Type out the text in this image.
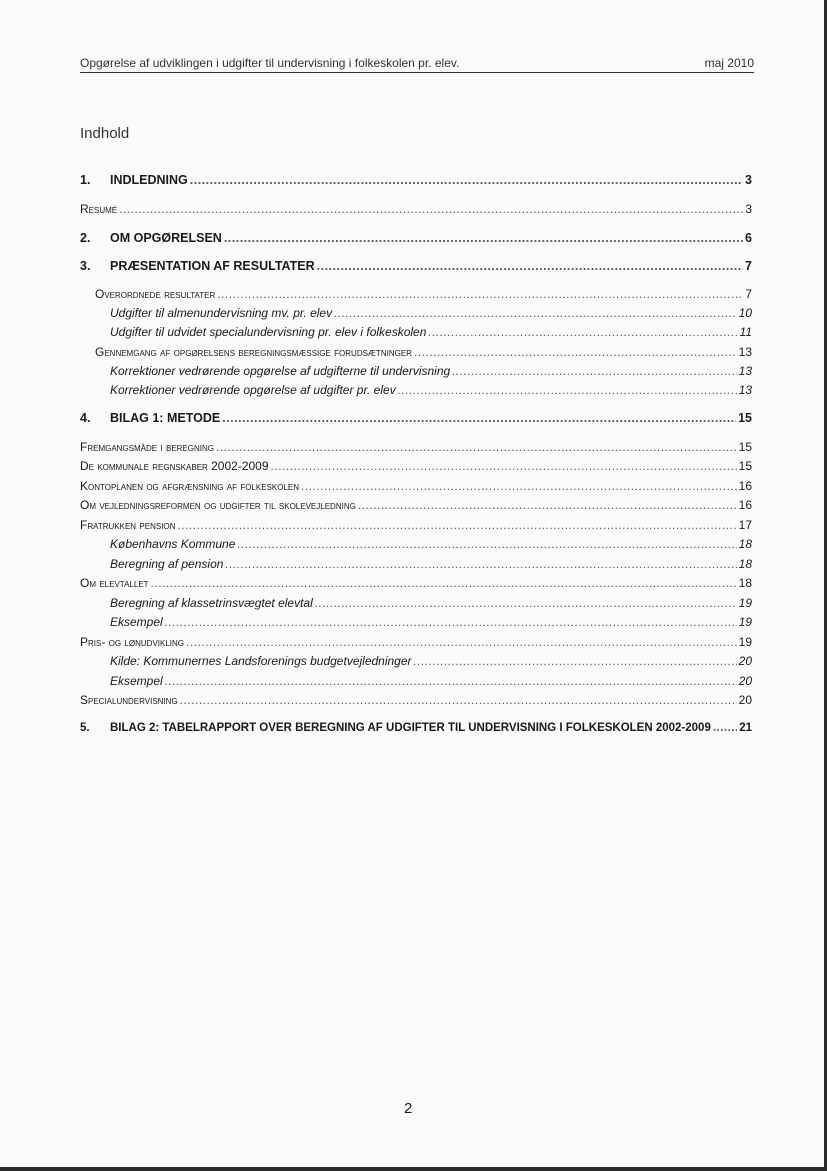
Opgørelse af udviklingen i udgifter til undervisning i folkeskolen pr. elev.	maj 2010
Indhold
1.	INDLEDNING .....	3
Resumé .....	3
2.	OM OPGØRELSEN .....	6
3.	PRÆSENTATION AF RESULTATER .....	7
Overordnede resultater .....	7
Udgifter til almenundervisning mv. pr. elev .....	10
Udgifter til udvidet specialundervisning pr. elev i folkeskolen .....	11
Gennemgang af opgørelsens beregningsmæssige forudsætninger .....	13
Korrektioner vedrørende opgørelse af udgifterne til undervisning .....	13
Korrektioner vedrørende opgørelse af udgifter pr. elev .....	13
4.	BILAG 1: METODE .....	15
Fremgangsmåde i beregning .....	15
De kommunale regnskaber 2002-2009 .....	15
Kontoplanen og afgrænsning af folkeskolen .....	16
Om vejledningsreformen og udgifter til skolevejledning .....	16
Fratrukken pension .....	17
Københavns Kommune .....	18
Beregning af pension .....	18
Om elevtallet .....	18
Beregning af klassetrinsvægtet elevtal .....	19
Eksempel .....	19
Pris- og lønudvikling .....	19
Kilde: Kommunernes Landsforenings budgetvejledninger .....	20
Eksempel .....	20
Specialundervisning .....	20
5.	BILAG 2: TABELRAPPORT OVER BEREGNING AF UDGIFTER TIL UNDERVISNING I FOLKESKOLEN 2002-2009 ..... 21
2
